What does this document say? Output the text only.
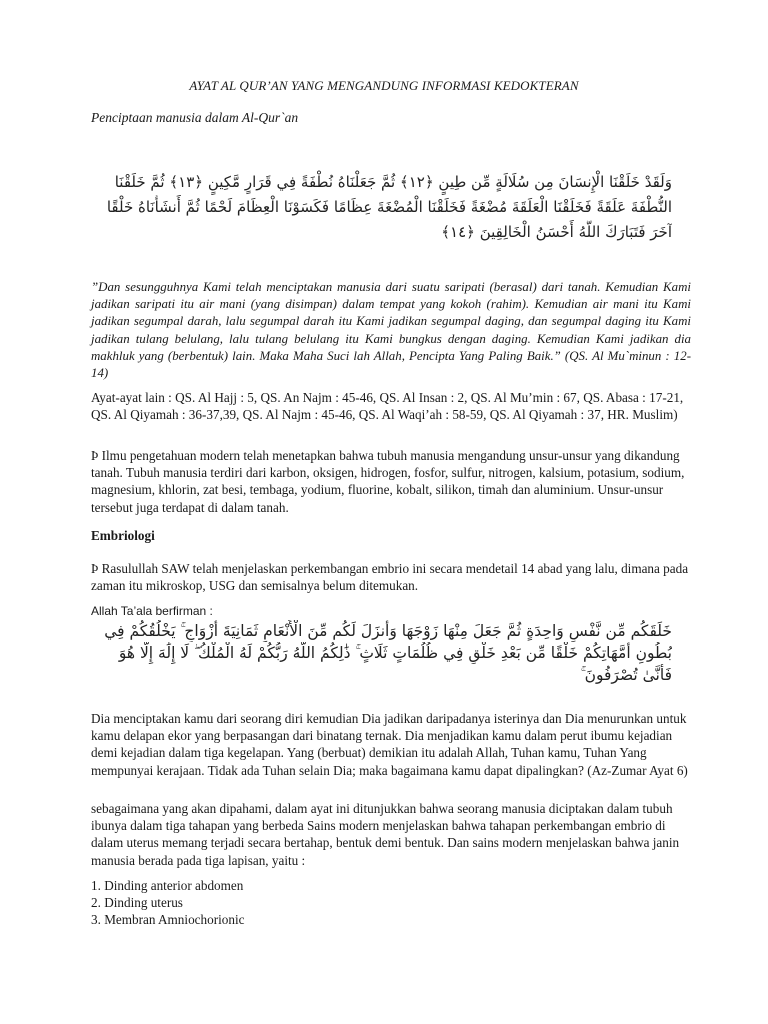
AYAT AL QUR’AN YANG MENGANDUNG INFORMASI KEDOKTERAN
Penciptaan manusia dalam Al-Qur`an
وَلَقَدْ خَلَقْنَا الْإِنسَانَ مِن سُلَالَةٍ مِّن طِينٍ ﴿١٢﴾ ثُمَّ جَعَلْنَاهُ نُطْفَةً فِي قَرَارٍ مَّكِينٍ ﴿١٣﴾ ثُمَّ خَلَقْنَا
النُّطْفَةَ عَلَقَةً فَخَلَقْنَا الْعَلَقَةَ مُضْغَةً فَخَلَقْنَا الْمُضْغَةَ عِظَامًا فَكَسَوْنَا الْعِظَامَ لَحْمًا ثُمَّ أَنشَأْنَاهُ خَلْقًا
آخَرَ فَتَبَارَكَ اللَّهُ أَحْسَنُ الْخَالِقِينَ ﴿١٤﴾
”Dan sesungguhnya Kami telah menciptakan manusia dari suatu saripati (berasal) dari tanah. Kemudian Kami jadikan saripati itu air mani (yang disimpan) dalam tempat yang kokoh (rahim). Kemudian air mani itu Kami jadikan segumpal darah, lalu segumpal darah itu Kami jadikan segumpal daging, dan segumpal daging itu Kami jadikan tulang belulang, lalu tulang belulang itu Kami bungkus dengan daging. Kemudian Kami jadikan dia makhluk yang (berbentuk) lain. Maka Maha Suci lah Allah, Pencipta Yang Paling Baik.” (QS. Al Mu`minun : 12-14)
Ayat-ayat lain : QS. Al Hajj : 5, QS. An Najm : 45-46, QS. Al Insan : 2, QS. Al Mu’min : 67, QS. Abasa : 17-21, QS. Al Qiyamah : 36-37,39, QS. Al Najm : 45-46, QS. Al Waqi’ah : 58-59, QS. Al Qiyamah : 37, HR. Muslim)
Þ Ilmu pengetahuan modern telah menetapkan bahwa tubuh manusia mengandung unsur-unsur yang dikandung tanah. Tubuh manusia terdiri dari karbon, oksigen, hidrogen, fosfor, sulfur, nitrogen, kalsium, potasium, sodium, magnesium, khlorin, zat besi, tembaga, yodium, fluorine, kobalt, silikon, timah dan aluminium. Unsur-unsur tersebut juga terdapat di dalam tanah.
Embriologi
Þ Rasulullah SAW telah menjelaskan perkembangan embrio ini secara mendetail 14 abad yang lalu, dimana pada zaman itu mikroskop, USG dan semisalnya belum ditemukan.
Allah Ta’ala berfirman :
خَلَقَكُم مِّن نَّفْسٍ وَاحِدَةٍ ثُمَّ جَعَلَ مِنْهَا زَوْجَهَا وَأَنزَلَ لَكُم مِّنَ الْأَنْعَامِ ثَمَانِيَةَ أَزْوَاجٍ ۚ يَخْلُقُكُمْ فِي
بُطُونِ أُمَّهَاتِكُمْ خَلْقًا مِّن بَعْدِ خَلْقٍ فِي ظُلُمَاتٍ ثَلَاثٍ ۚ ذَٰلِكُمُ اللَّهُ رَبُّكُمْ لَهُ الْمُلْكُ ۖ لَا إِلَٰهَ إِلَّا هُوَ
فَأَنَّىٰ تُصْرَفُونَ ۚ
Dia menciptakan kamu dari seorang diri kemudian Dia jadikan daripadanya isterinya dan Dia menurunkan untuk kamu delapan ekor yang berpasangan dari binatang ternak. Dia menjadikan kamu dalam perut ibumu kejadian demi kejadian dalam tiga kegelapan. Yang (berbuat) demikian itu adalah Allah, Tuhan kamu, Tuhan Yang mempunyai kerajaan. Tidak ada Tuhan selain Dia; maka bagaimana kamu dapat dipalingkan? (Az-Zumar Ayat 6)
sebagaimana yang akan dipahami, dalam ayat ini ditunjukkan bahwa seorang manusia diciptakan dalam tubuh ibunya dalam tiga tahapan yang berbeda Sains modern menjelaskan bahwa tahapan perkembangan embrio di dalam uterus memang terjadi secara bertahap, bentuk demi bentuk. Dan sains modern menjelaskan bahwa janin manusia berada pada tiga lapisan, yaitu :
1. Dinding anterior abdomen
2. Dinding uterus
3. Membran Amniochorionic
